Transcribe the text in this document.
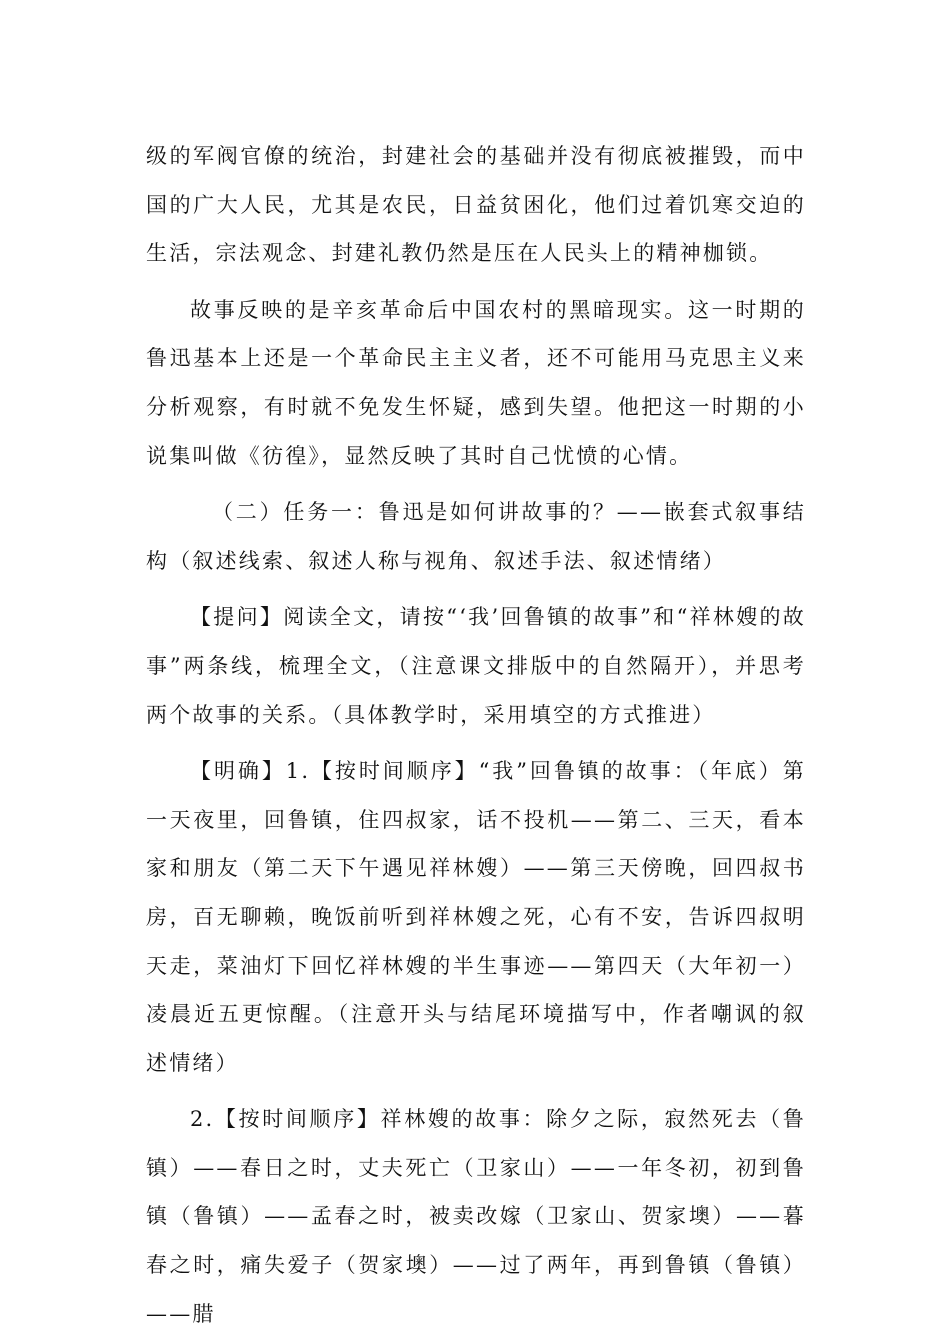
级的军阀官僚的统治，封建社会的基础并没有彻底被摧毁，而中国的广大人民，尤其是农民，日益贫困化，他们过着饥寒交迫的生活，宗法观念、封建礼教仍然是压在人民头上的精神枷锁。

故事反映的是辛亥革命后中国农村的黑暗现实。这一时期的鲁迅基本上还是一个革命民主主义者，还不可能用马克思主义来分析观察，有时就不免发生怀疑，感到失望。他把这一时期的小说集叫做《彷徨》，显然反映了其时自己忧愤的心情。

（二）任务一：鲁迅是如何讲故事的？——嵌套式叙事结构（叙述线索、叙述人称与视角、叙述手法、叙述情绪）

【提问】阅读全文，请按“‘我’回鲁镇的故事”和“祥林嫂的故事”两条线，梳理全文，（注意课文排版中的自然隔开），并思考两个故事的关系。（具体教学时，采用填空的方式推进）

【明确】1.【按时间顺序】“我”回鲁镇的故事：（年底）第一天夜里，回鲁镇，住四叔家，话不投机——第二、三天，看本家和朋友（第二天下午遇见祥林嫂）——第三天傍晚，回四叔书房，百无聊赖，晚饭前听到祥林嫂之死，心有不安，告诉四叔明天走，菜油灯下回忆祥林嫂的半生事迹——第四天（大年初一）凌晨近五更惊醒。（注意开头与结尾环境描写中，作者嘲讽的叙述情绪）

2.【按时间顺序】祥林嫂的故事：除夕之际，寂然死去（鲁镇）——春日之时，丈夫死亡（卫家山）——一年冬初，初到鲁镇（鲁镇）——孟春之时，被卖改嫁（卫家山、贺家墺）——暮春之时，痛失爱子（贺家墺）——过了两年，再到鲁镇（鲁镇）——腊
